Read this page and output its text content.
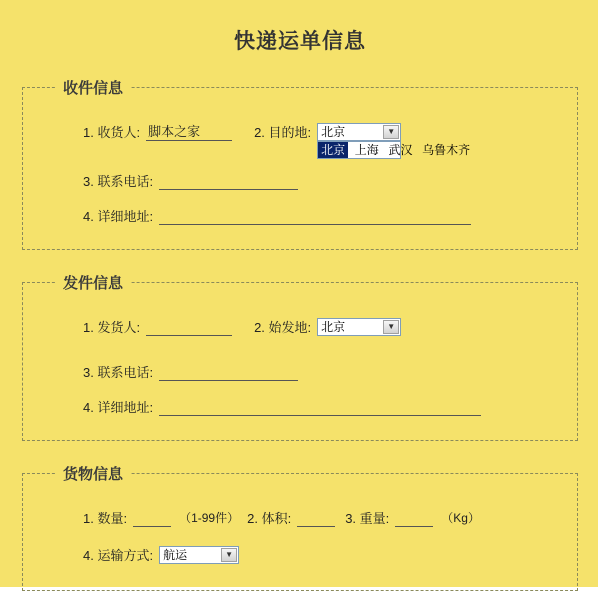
快递运单信息
收件信息
1. 收货人:
脚本之家	2. 目的地: 北京	▼
北京 上海 武汉 乌鲁木齐
3. 联系电话:
4. 详细地址:
发件信息
1. 发货人:	2. 始发地: 北京	▼
3. 联系电话:
4. 详细地址:
货物信息
1. 数量:	（1-99件） 2. 体积:	3. 重量:	（Kg）
4. 运输方式: 航运	▼
